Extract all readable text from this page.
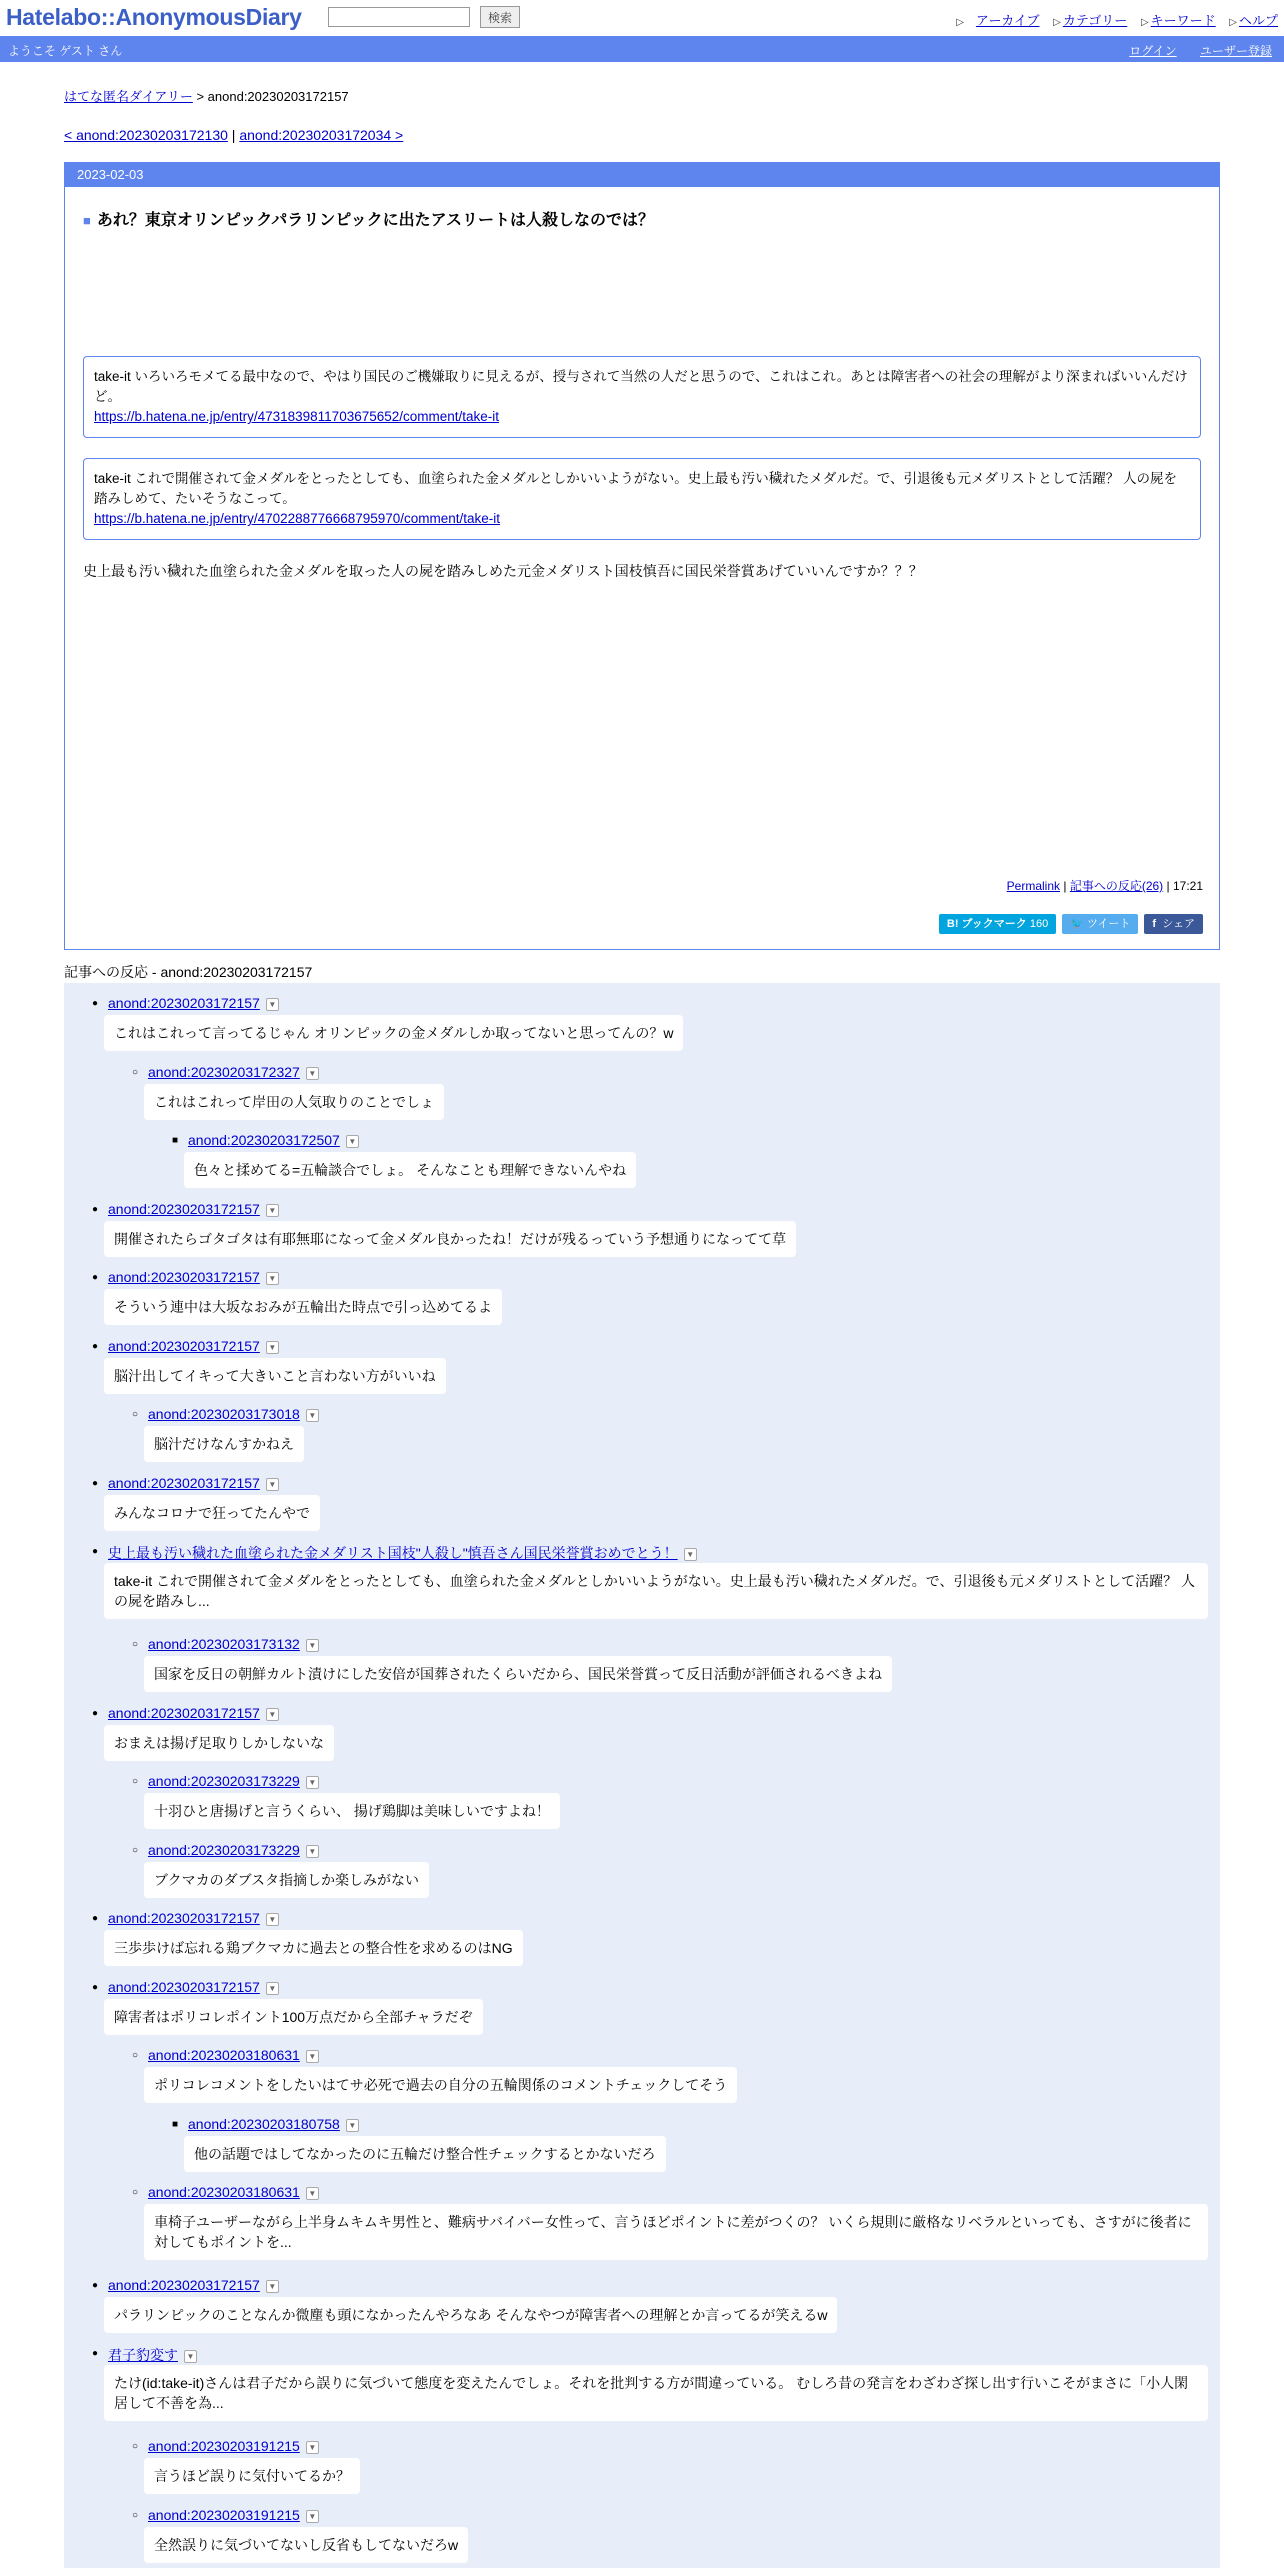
Hatelabo::AnonymousDiary	検索	▷ アーカイブ ▷ カテゴリー ▷ キーワード ▷ ヘルプ
ようこそ ゲスト さん	ログイン ユーザー登録
はてな匿名ダイアリー > anond:20230203172157
< anond:20230203172130 | anond:20230203172034 >
2023-02-03
■ あれ？東京オリンピックパラリンピックに出たアスリートは人殺しなのでは？
take-it いろいろモメてる最中なので、やはり国民のご機嫌取りに見えるが、授与されて当然の人だと思うので、これはこれ。あとは障害者への社会の理解がより深まればいいんだけど。
https://b.hatena.ne.jp/entry/4731839811703675652/comment/take-it
take-it これで開催されて金メダルをとったとしても、血塗られた金メダルとしかいいようがない。史上最も汚い穢れたメダルだ。で、引退後も元メダリストとして活躍？ 人の屍を踏みしめて、たいそうなこって。
https://b.hatena.ne.jp/entry/4702288776668795970/comment/take-it
史上最も汚い穢れた血塗られた金メダルを取った人の屍を踏みしめた元金メダリスト国枝慎吾に国民栄誉賞あげていいんですか？？？
Permalink | 記事への反応(26) | 17:21
B! ブックマーク 160	🐦 ツイート	f シェア
記事への反応 - anond:20230203172157
● anond:20230203172157 ▼
これはこれって言ってるじゃん オリンピックの金メダルしか取ってないと思ってんの？w
○ anond:20230203172327 ▼
これはこれって岸田の人気取りのことでしょ
■ anond:20230203172507 ▼
色々と揉めてる=五輪談合でしょ。 そんなことも理解できないんやね
● anond:20230203172157 ▼
開催されたらゴタゴタは有耶無耶になって金メダル良かったね！だけが残るっていう予想通りになってて草
● anond:20230203172157 ▼
そういう連中は大坂なおみが五輪出た時点で引っ込めてるよ
● anond:20230203172157 ▼
脳汁出してイキって大きいこと言わない方がいいね
○ anond:20230203173018 ▼
脳汁だけなんすかねえ
● anond:20230203172157 ▼
みんなコロナで狂ってたんやで
● 史上最も汚い穢れた血塗られた金メダリスト国枝"人殺し"慎吾さん国民栄誉賞おめでとう！ ▼
take-it これで開催されて金メダルをとったとしても、血塗られた金メダルとしかいいようがない。史上最も汚い穢れたメダルだ。で、引退後も元メダリストとして活躍？ 人の屍を踏みし...
○ anond:20230203173132 ▼
国家を反日の朝鮮カルト漬けにした安倍が国葬されたくらいだから、国民栄誉賞って反日活動が評価されるべきよね
● anond:20230203172157 ▼
おまえは揚げ足取りしかしないな
○ anond:20230203173229 ▼
十羽ひと唐揚げと言うくらい、 揚げ鶏脚は美味しいですよね！
○ anond:20230203173229 ▼
ブクマカのダブスタ指摘しか楽しみがない
● anond:20230203172157 ▼
三歩歩けば忘れる鶏ブクマカに過去との整合性を求めるのはNG
● anond:20230203172157 ▼
障害者はポリコレポイント100万点だから全部チャラだぞ
○ anond:20230203180631 ▼
ポリコレコメントをしたいはてサ必死で過去の自分の五輪関係のコメントチェックしてそう
■ anond:20230203180758 ▼
他の話題ではしてなかったのに五輪だけ整合性チェックするとかないだろ
○ anond:20230203180631 ▼
車椅子ユーザーながら上半身ムキムキ男性と、難病サバイバー女性って、言うほどポイントに差がつくの？ いくら規則に厳格なリベラルといっても、さすがに後者に対してもポイントを...
● anond:20230203172157 ▼
パラリンピックのことなんか微塵も頭になかったんやろなあ そんなやつが障害者への理解とか言ってるが笑えるw
● 君子豹変す ▼
たけ(id:take-it)さんは君子だから誤りに気づいて態度を変えたんでしょ。それを批判する方が間違っている。 むしろ昔の発言をわざわざ探し出す行いこそがまさに「小人閑居して不善を為...
○ anond:20230203191215 ▼
言うほど誤りに気付いてるか？
○ anond:20230203191215 ▼
全然誤りに気づいてないし反省もしてないだろw
